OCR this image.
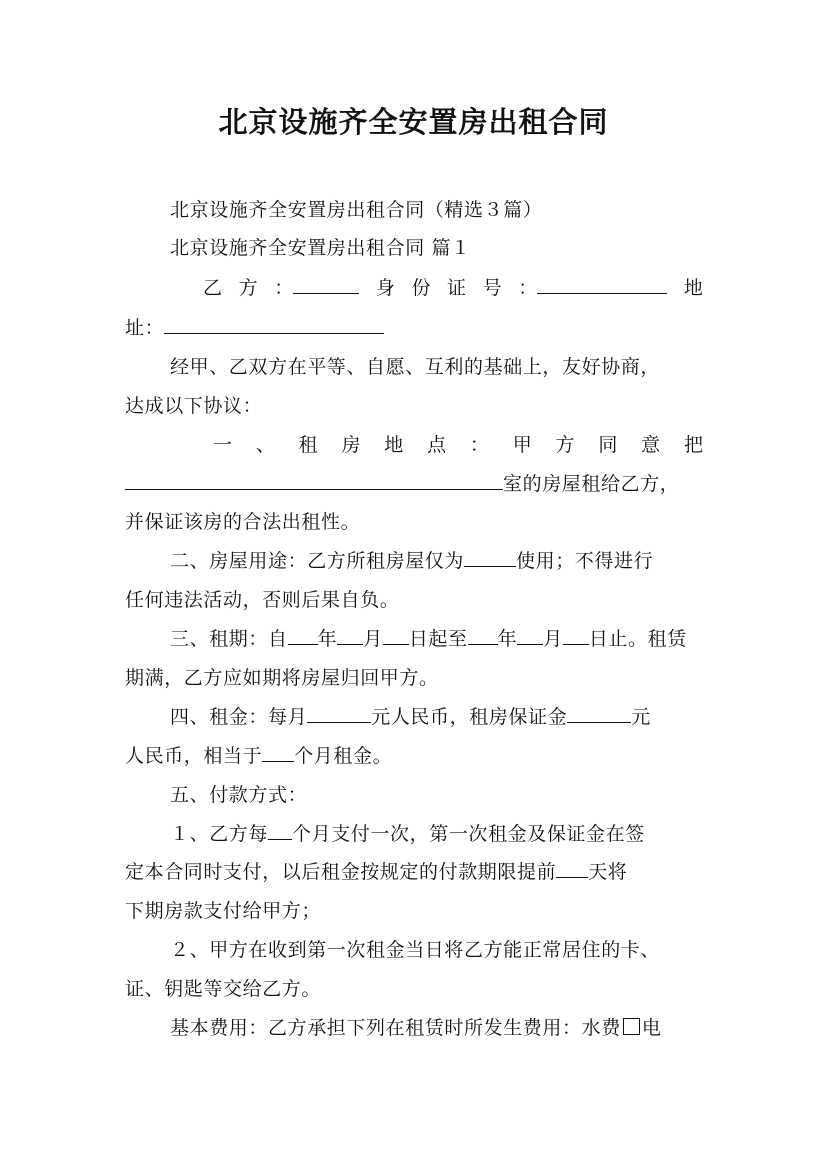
北京设施齐全安置房出租合同
北京设施齐全安置房出租合同（精选３篇）
北京设施齐全安置房出租合同 篇１
乙 方 ：	身 份 证 号 ：	地
址：
经甲、乙双方在平等、自愿、互利的基础上，友好协商，
达成以下协议：
一 、 租 房 地 点 ： 甲 方 同 意 把
室的房屋租给乙方，
并保证该房的合法出租性。
二、房屋用途：乙方所租房屋仅为	使用；不得进行
任何违法活动，否则后果自负。
三、租期：自 年 月 日起至 年 月 日止。租赁
期满，乙方应如期将房屋归回甲方。
四、租金：每月	元人民币，租房保证金	元
人民币，相当于 个月租金。
五、付款方式：
１、乙方每 个月支付一次，第一次租金及保证金在签
定本合同时支付，以后租金按规定的付款期限提前 天将
下期房款支付给甲方；
２、甲方在收到第一次租金当日将乙方能正常居住的卡、
证、钥匙等交给乙方。
基本费用：乙方承担下列在租赁时所发生费用：水费 电
